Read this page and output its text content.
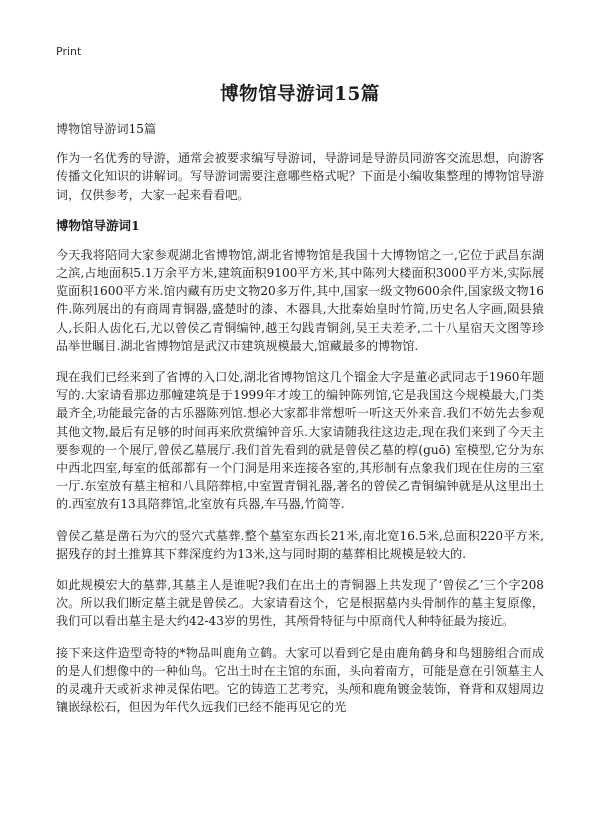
Print
博物馆导游词15篇

博物馆导游词15篇

作为一名优秀的导游，通常会被要求编写导游词，导游词是导游员同游客交流思想，向游客传播文化知识的讲解词。写导游词需要注意哪些格式呢？下面是小编收集整理的博物馆导游词，仅供参考，大家一起来看看吧。

博物馆导游词1

今天我将陪同大家参观湖北省博物馆,湖北省博物馆是我国十大博物馆之一,它位于武昌东湖之滨,占地面积5.1万余平方米,建筑面积9100平方米,其中陈列大楼面积3000平方米,实际展览面积1600平方米.馆内藏有历史文物20多万件,其中,国家一级文物600余件,国家级文物16件.陈列展出的有商周青铜器,盛楚时的漆、木器具,大批秦始皇时竹简,历史名人字画,陨县猿人,长阳人齿化石,尤以曾侯乙青铜编钟,越王勾践青铜剑,吴王夫差矛,二十八星宿天文图等珍品举世瞩目.湖北省博物馆是武汉市建筑规模最大,馆藏最多的博物馆.

现在我们已经来到了省博的入口处,湖北省博物馆这几个镏金大字是董必武同志于1960年题写的.大家请看那边那幢建筑是于1999年才竣工的编钟陈列馆,它是我国这今规模最大,门类最齐全,功能最完备的古乐器陈列馆.想必大家都非常想听一听这天外来音.我们不妨先去参观其他文物,最后有足够的时间再来欣赏编钟音乐.大家请随我往这边走,现在我们来到了今天主要参观的一个展厅,曾侯乙墓展厅.我们首先看到的就是曾侯乙墓的椁(guō) 室模型,它分为东中西北四室,每室的低部都有一个门洞是用来连接各室的,其形制有点象我们现在住房的三室一厅.东室放有墓主棺和八具陪葬棺,中室置青铜礼器,著名的曾侯乙青铜编钟就是从这里出土的.西室放有13具陪葬馆,北室放有兵器,车马器,竹简等.

曾侯乙墓是凿石为穴的竖穴式墓葬.整个墓室东西长21米,南北宽16.5米,总面积220平方米,据残存的封土推算其下葬深度约为13米,这与同时期的墓葬相比规模是较大的.

如此规模宏大的墓葬,其墓主人是谁呢?我们在出土的青铜器上共发现了‘曾侯乙’三个字208次。所以我们断定墓主就是曾侯乙。大家请看这个，它是根据墓内头骨制作的墓主复原像，我们可以看出墓主是大约42-43岁的男性，其颅骨特征与中原商代人种特征最为接近。

接下来这件造型奇特的*物品叫鹿角立鹤。大家可以看到它是由鹿角鹤身和鸟翅膀组合而成的是人们想像中的一种仙鸟。它出土时在主馆的东面，头向着南方，可能是意在引领墓主人的灵魂升天或祈求神灵保佑吧。它的铸造工艺考究，头颅和鹿角镀金装饰，脊背和双翅周边镶嵌绿松石，但因为年代久远我们已经不能再见它的光
